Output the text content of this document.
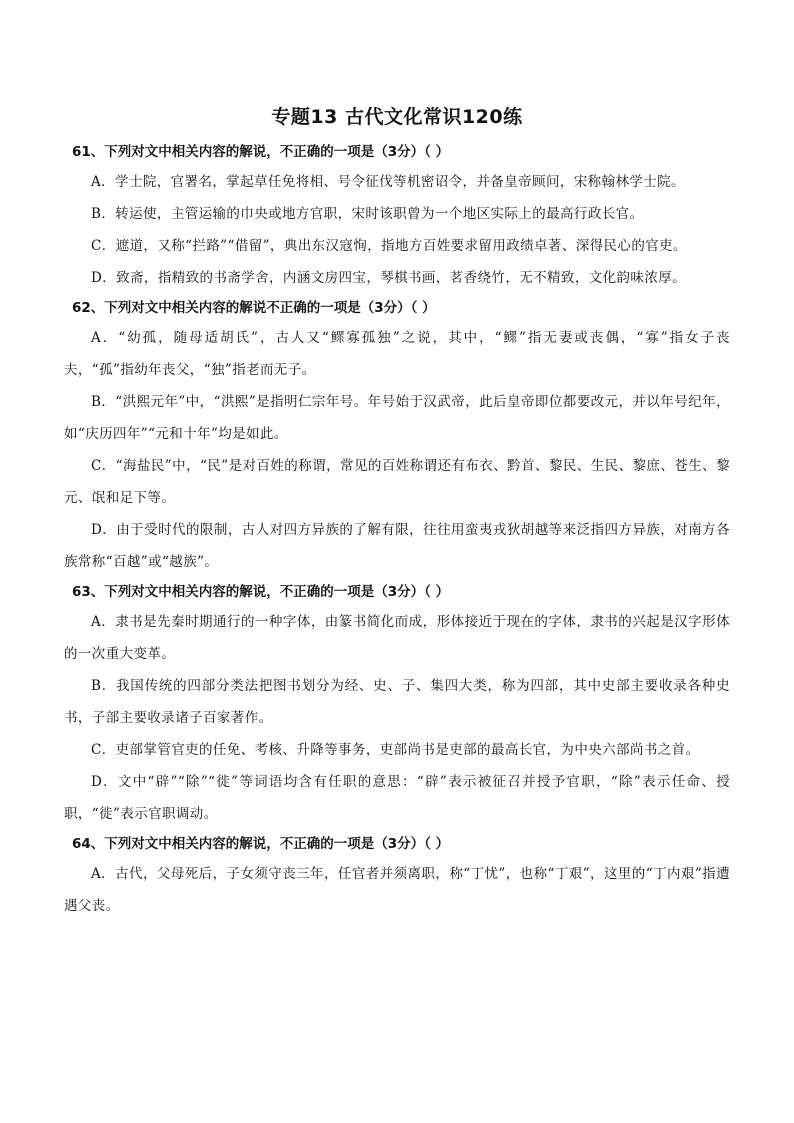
专题13 古代文化常识120练

61、下列对文中相关内容的解说，不正确的一项是（3分）（ ）

A．学士院，官署名，掌起草任免将相、号令征伐等机密诏令，并备皇帝顾问，宋称翰林学士院。

B．转运使，主管运输的巾央或地方官职，宋时该职曾为一个地区实际上的最高行政长官。

C．遮道，又称“拦路”“借留”，典出东汉寇恂，指地方百姓要求留用政绩卓著、深得民心的官吏。

D．致斋，指精致的书斋学舍，内涵文房四宝，琴棋书画，茗香绕竹，无不精致，文化韵味浓厚。

62、下列对文中相关内容的解说不正确的一项是（3分）（ ）

A．“幼孤，随母适胡氏”，古人又“鳏寡孤独”之说，其中，“鳏”指无妻或丧偶，“寡”指女子丧夫，“孤”指幼年丧父，“独”指老而无子。

B．“洪熙元年”中，“洪熙”是指明仁宗年号。年号始于汉武帝，此后皇帝即位都要改元，并以年号纪年，如“庆历四年”“元和十年”均是如此。

C．“海盐民”中，“民”是对百姓的称谓，常见的百姓称谓还有布衣、黔首、黎民、生民、黎庶、苍生、黎元、氓和足下等。

D．由于受时代的限制，古人对四方异族的了解有限，往往用蛮夷戎狄胡越等来泛指四方异族，对南方各族常称“百越”或“越族”。

63、下列对文中相关内容的解说，不正确的一项是（3分）（ ）

A．隶书是先秦时期通行的一种字体，由篆书简化而成，形体接近于现在的字体，隶书的兴起是汉字形体的一次重大变革。

B．我国传统的四部分类法把图书划分为经、史、子、集四大类，称为四部，其中史部主要收录各种史书，子部主要收录诸子百家著作。

C．吏部掌管官吏的任免、考核、升降等事务，吏部尚书是吏部的最高长官，为中央六部尚书之首。

D．文中“辟”“除”“徙”等词语均含有任职的意思：“辟”表示被征召并授予官职，“除”表示任命、授职，“徙”表示官职调动。

64、下列对文中相关内容的解说，不正确的一项是（3分）（ ）

A．古代，父母死后，子女须守丧三年，任官者并须离职，称“丁忧”，也称“丁艰”，这里的“丁内艰”指遭遇父丧。
